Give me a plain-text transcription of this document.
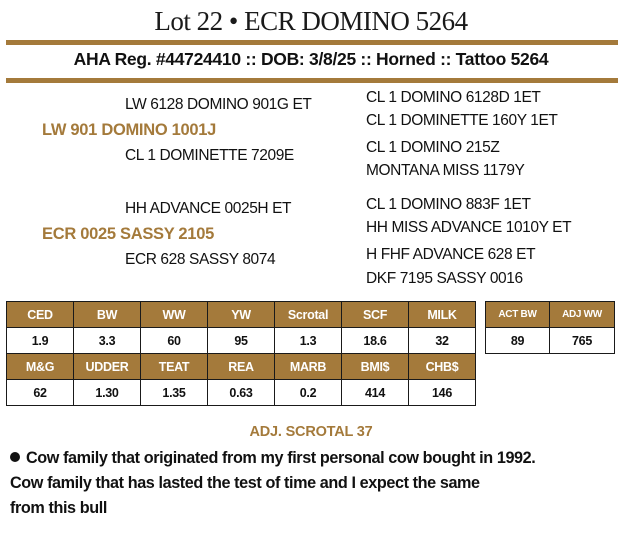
Lot 22 • ECR DOMINO 5264
AHA Reg. #44724410 :: DOB: 3/8/25 :: Horned :: Tattoo 5264
LW 6128 DOMINO 901G ET
LW 901 DOMINO 1001J
CL 1 DOMINETTE 7209E
HH ADVANCE 0025H ET
ECR 0025 SASSY 2105
ECR 628 SASSY 8074
CL 1 DOMINO 6128D 1ET
CL 1 DOMINETTE 160Y 1ET
CL 1 DOMINO 215Z
MONTANA MISS 1179Y
CL 1 DOMINO 883F 1ET
HH MISS ADVANCE 1010Y ET
H FHF ADVANCE 628 ET
DKF 7195 SASSY 0016
CED	BW	WW	YW	Scrotal	SCF	MILK
1.9	3.3	60	95	1.3	18.6	32
M&G	UDDER	TEAT	REA	MARB	BMI$	CHB$
62	1.30	1.35	0.63	0.2	414	146
ACT BW	ADJ WW
89	765
ADJ. SCROTAL 37
Cow family that originated from my first personal cow bought in 1992.
Cow family that has lasted the test of time and I expect the same
from this bull
